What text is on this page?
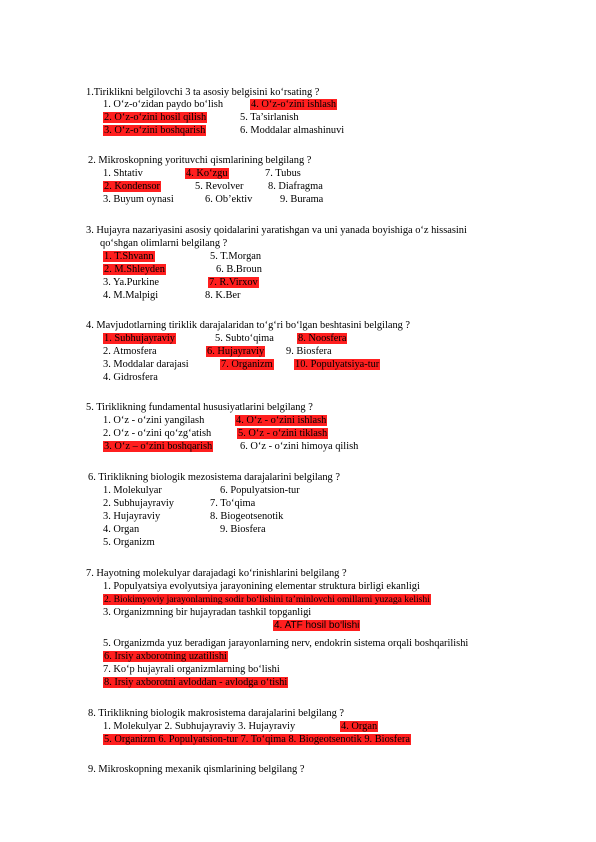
1.Tiriklikni belgilovchi 3 ta asosiy belgisini ko‘rsating ?
1. O‘z-o‘zidan paydo bo‘lish	4. O‘z-o‘zini ishlash
2. O‘z-o‘zini hosil qilish	5. Ta’sirlanish
3. O‘z-o‘zini boshqarish	6. Moddalar almashinuvi
2. Mikroskopning yorituvchi qismlarining belgilang ?
1. Shtativ	4. Ko‘zgu	7. Tubus
2. Kondensor	5. Revolver 8. Diafragma
3. Buyum oynasi	6. Ob’ektiv	9. Burama
3. Hujayra nazariyasini asosiy qoidalarini yaratishgan va uni yanada boyishiga o‘z hissasini
qo‘shgan olimlarni belgilang ?
1. T.Shvann	5. T.Morgan
2. M.Shleyden	6. B.Broun
3. Ya.Purkine	7. R.Virxov
4. M.Malpigi	8. K.Ber
4. Mavjudotlarning tiriklik darajalaridan to‘g‘ri bo‘lgan beshtasini belgilang ?
1. Subhujayraviy	5. Subto‘qima 8. Noosfera
2. Atmosfera	6. Hujayraviy 9. Biosfera
3. Moddalar darajasi	7. Organizm 10. Populyatsiya-tur
4. Gidrosfera
5. Tiriklikning fundamental hususiyatlarini belgilang ?
1. O‘z - o‘zini yangilash	4. O‘z - o‘zini ishlash
2. O‘z - o‘zini qo‘zg‘atish	5. O‘z - o‘zini tiklash
3. O‘z – o‘zini boshqarish	6. O‘z - o‘zini himoya qilish
6. Tiriklikning biologik mezosistema darajalarini belgilang ?
1. Molekulyar	6. Populyatsion-tur
2. Subhujayraviy	7. To‘qima
3. Hujayraviy	8. Biogeotsenotik
4. Organ	9. Biosfera
5. Organizm
7. Hayotning molekulyar darajadagi ko‘rinishlarini belgilang ?
1. Populyatsiya evolyutsiya jarayonining elementar struktura birligi ekanligi
2. Biokimyoviy jarayonlarning sodir bo‘lishini ta’minlovchi omillarni yuzaga kelishi
3. Organizmning bir hujayradan tashkil topganligi
4. ATF hosil bo‘lishi
5. Organizmda yuz beradigan jarayonlarning nerv, endokrin sistema orqali boshqarilishi
6. Irsiy axborotning uzatilishi
7. Ko‘p hujayrali organizmlarning bo‘lishi
8. Irsiy axborotni avloddan - avlodga o‘tishi
8. Tiriklikning biologik makrosistema darajalarini belgilang ?
1. Molekulyar 2. Subhujayraviy 3. Hujayraviy	4. Organ
5. Organizm 6. Populyatsion-tur 7. To‘qima 8. Biogeotsenotik 9. Biosfera
9. Mikroskopning mexanik qismlarining belgilang ?
